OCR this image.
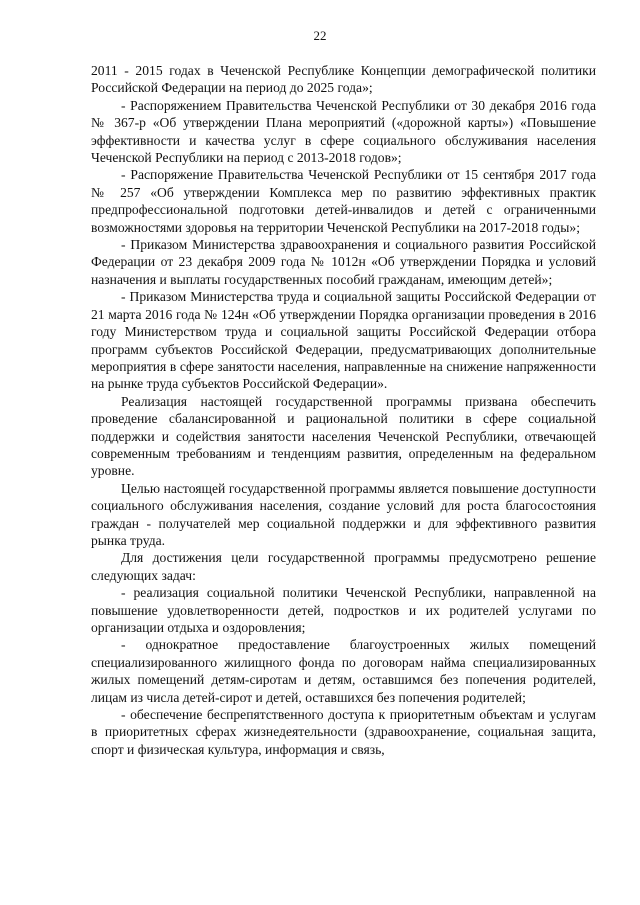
22

2011 - 2015 годах в Чеченской Республике Концепции демографической политики Российской Федерации на период до 2025 года»;

- Распоряжением Правительства Чеченской Республики от 30 декабря 2016 года № 367-р «Об утверждении Плана мероприятий («дорожной карты») «Повышение эффективности и качества услуг в сфере социального обслуживания населения Чеченской Республики на период с 2013-2018 годов»;

- Распоряжение Правительства Чеченской Республики от 15 сентября 2017 года № 257 «Об утверждении Комплекса мер по развитию эффективных практик предпрофессиональной подготовки детей-инвалидов и детей с ограниченными возможностями здоровья на территории Чеченской Республики на 2017-2018 годы»;

- Приказом Министерства здравоохранения и социального развития Российской Федерации от 23 декабря 2009 года № 1012н «Об утверждении Порядка и условий назначения и выплаты государственных пособий гражданам, имеющим детей»;

- Приказом Министерства труда и социальной защиты Российской Федерации от 21 марта 2016 года № 124н «Об утверждении Порядка организации проведения в 2016 году Министерством труда и социальной защиты Российской Федерации отбора программ субъектов Российской Федерации, предусматривающих дополнительные мероприятия в сфере занятости населения, направленные на снижение напряженности на рынке труда субъектов Российской Федерации».

Реализация настоящей государственной программы призвана обеспечить проведение сбалансированной и рациональной политики в сфере социальной поддержки и содействия занятости населения Чеченской Республики, отвечающей современным требованиям и тенденциям развития, определенным на федеральном уровне.

Целью настоящей государственной программы является повышение доступности социального обслуживания населения, создание условий для роста благосостояния граждан - получателей мер социальной поддержки и для эффективного развития рынка труда.

Для достижения цели государственной программы предусмотрено решение следующих задач:

- реализация социальной политики Чеченской Республики, направленной на повышение удовлетворенности детей, подростков и их родителей услугами по организации отдыха и оздоровления;

- однократное предоставление благоустроенных жилых помещений специализированного жилищного фонда по договорам найма специализированных жилых помещений детям-сиротам и детям, оставшимся без попечения родителей, лицам из числа детей-сирот и детей, оставшихся без попечения родителей;

- обеспечение беспрепятственного доступа к приоритетным объектам и услугам в приоритетных сферах жизнедеятельности (здравоохранение, социальная защита, спорт и физическая культура, информация и связь,
